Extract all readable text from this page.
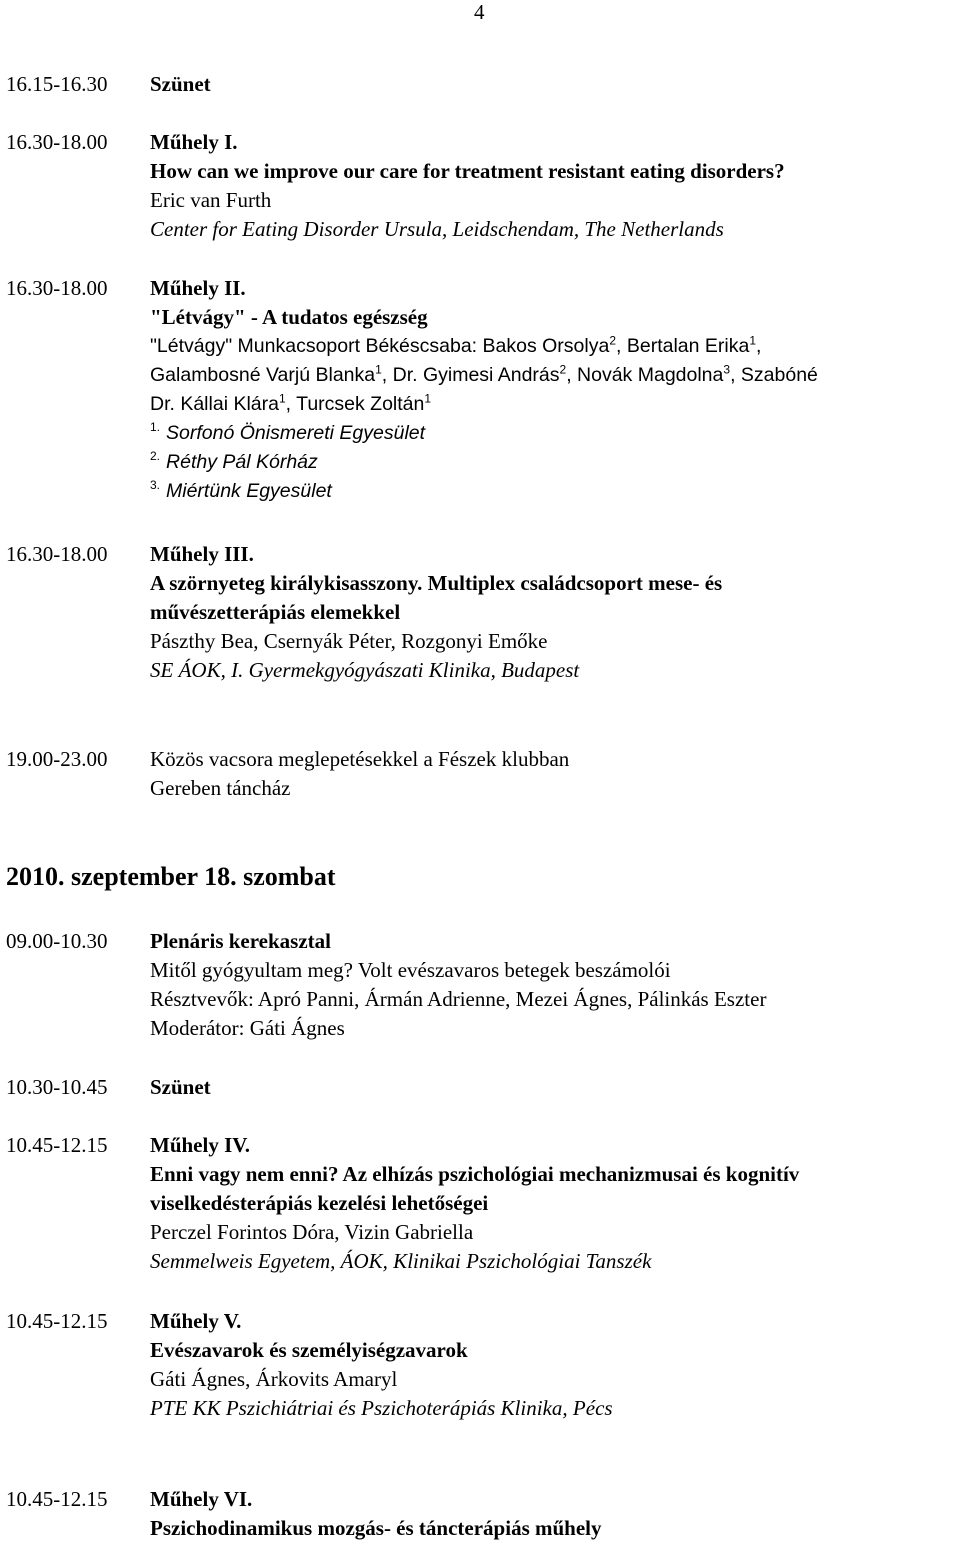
4
16.15-16.30 Szünet
16.30-18.00 Műhely I.
How can we improve our care for treatment resistant eating disorders?
Eric van Furth
Center for Eating Disorder Ursula, Leidschendam, The Netherlands
16.30-18.00 Műhely II.
"Létvágy" - A tudatos egészség
"Létvágy" Munkacsoport Békéscsaba: Bakos Orsolya$^2$, Bertalan Erika$^1$,
Galambosné Varjú Blanka$^1$, Dr. Gyimesi András$^2$, Novák Magdolna$^3$, Szabóné
Dr. Kállai Klára$^1$, Turcsek Zoltán$^1$
$^{1.}$ Sorfonó Önismereti Egyesület
$^{2.}$ Réthy Pál Kórház
$^{3.}$ Miértünk Egyesület
16.30-18.00 Műhely III.
A szörnyeteg királykisasszony. Multiplex családcsoport mese- és
művészetterápiás elemekkel
Pászthy Bea, Csernyák Péter, Rozgonyi Emőke
SE ÁOK, I. Gyermekgyógyászati Klinika, Budapest
19.00-23.00 Közös vacsora meglepetésekkel a Fészek klubban
Gereben táncház
2010. szeptember 18. szombat
09.00-10.30 Plenáris kerekasztal
Mitől gyógyultam meg? Volt evészavaros betegek beszámolói
Résztvevők: Apró Panni, Ármán Adrienne, Mezei Ágnes, Pálinkás Eszter
Moderátor: Gáti Ágnes
10.30-10.45 Szünet
10.45-12.15 Műhely IV.
Enni vagy nem enni? Az elhízás pszichológiai mechanizmusai és kognitív
viselkedésterápiás kezelési lehetőségei
Perczel Forintos Dóra, Vizin Gabriella
Semmelweis Egyetem, ÁOK, Klinikai Pszichológiai Tanszék
10.45-12.15 Műhely V.
Evészavarok és személyiségzavarok
Gáti Ágnes, Árkovits Amaryl
PTE KK Pszichiátriai és Pszichoterápiás Klinika, Pécs
10.45-12.15 Műhely VI.
Pszichodinamikus mozgás- és táncterápiás műhely
